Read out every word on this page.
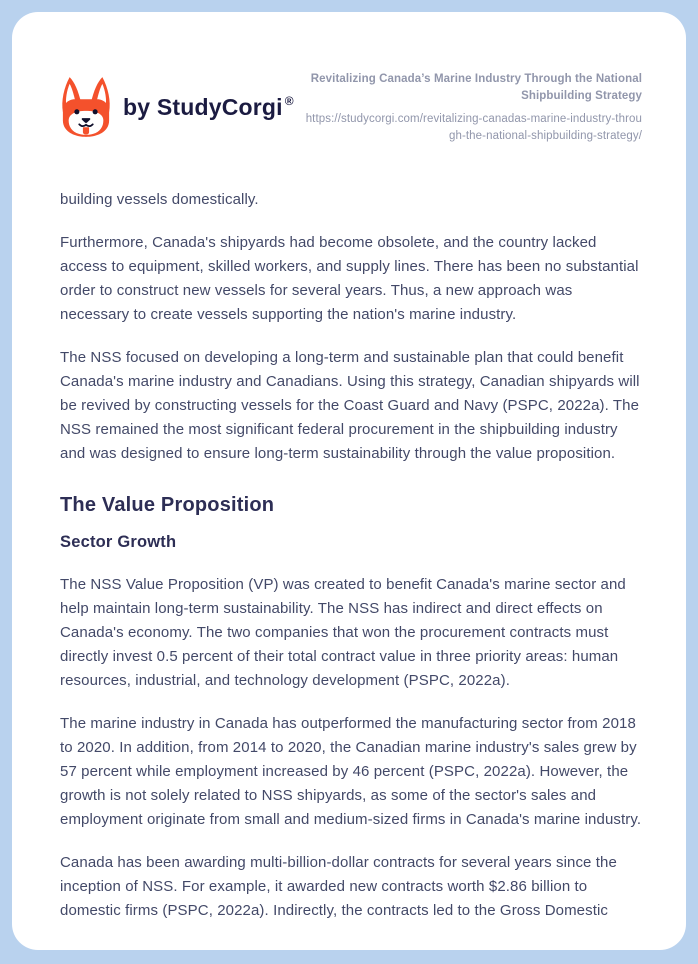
by StudyCorgi ®
Revitalizing Canada’s Marine Industry Through the National Shipbuilding Strategy
https://studycorgi.com/revitalizing-canadas-marine-industry-through-the-national-shipbuilding-strategy/

building vessels domestically.

Furthermore, Canada's shipyards had become obsolete, and the country lacked access to equipment, skilled workers, and supply lines. There has been no substantial order to construct new vessels for several years. Thus, a new approach was necessary to create vessels supporting the nation's marine industry.

The NSS focused on developing a long-term and sustainable plan that could benefit Canada's marine industry and Canadians. Using this strategy, Canadian shipyards will be revived by constructing vessels for the Coast Guard and Navy (PSPC, 2022a). The NSS remained the most significant federal procurement in the shipbuilding industry and was designed to ensure long-term sustainability through the value proposition.

The Value Proposition
Sector Growth

The NSS Value Proposition (VP) was created to benefit Canada's marine sector and help maintain long-term sustainability. The NSS has indirect and direct effects on Canada's economy. The two companies that won the procurement contracts must directly invest 0.5 percent of their total contract value in three priority areas: human resources, industrial, and technology development (PSPC, 2022a).

The marine industry in Canada has outperformed the manufacturing sector from 2018 to 2020. In addition, from 2014 to 2020, the Canadian marine industry's sales grew by 57 percent while employment increased by 46 percent (PSPC, 2022a). However, the growth is not solely related to NSS shipyards, as some of the sector's sales and employment originate from small and medium-sized firms in Canada's marine industry.

Canada has been awarding multi-billion-dollar contracts for several years since the inception of NSS. For example, it awarded new contracts worth $2.86 billion to domestic firms (PSPC, 2022a). Indirectly, the contracts led to the Gross Domestic
